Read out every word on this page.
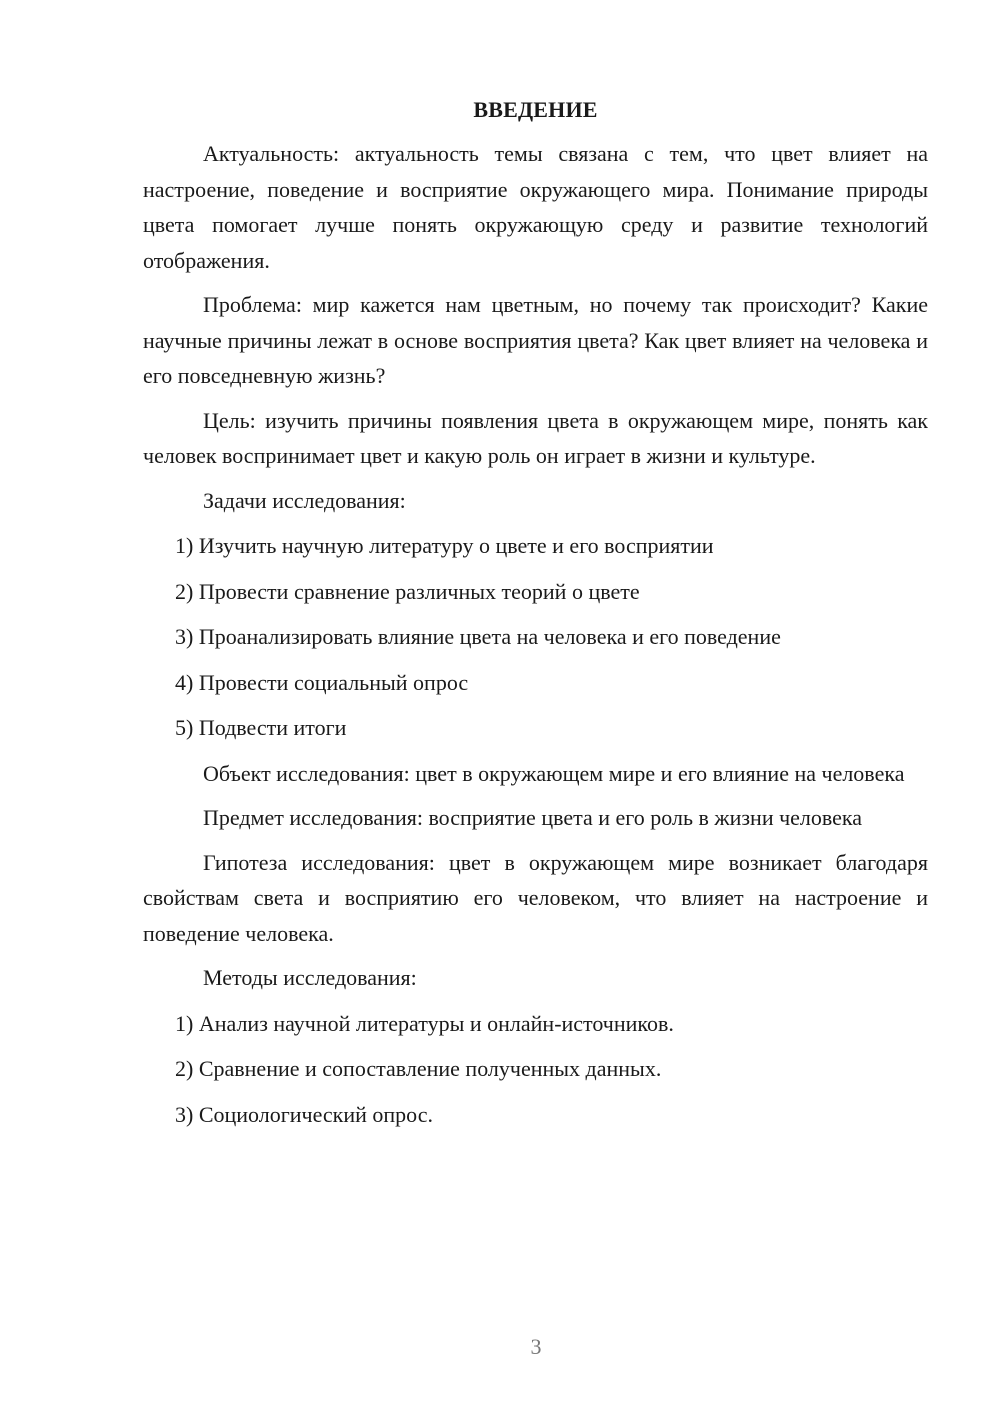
ВВЕДЕНИЕ

Актуальность: актуальность темы связана с тем, что цвет влияет на настроение, поведение и восприятие окружающего мира. Понимание природы цвета помогает лучше понять окружающую среду и развитие технологий отображения.

Проблема: мир кажется нам цветным, но почему так происходит? Какие научные причины лежат в основе восприятия цвета? Как цвет влияет на человека и его повседневную жизнь?

Цель: изучить причины появления цвета в окружающем мире, понять как человек воспринимает цвет и какую роль он играет в жизни и культуре.

Задачи исследования:
1) Изучить научную литературу о цвете и его восприятии
2) Провести сравнение различных теорий о цвете
3) Проанализировать влияние цвета на человека и его поведение
4) Провести социальный опрос
5) Подвести итоги

Объект исследования: цвет в окружающем мире и его влияние на человека

Предмет исследования: восприятие цвета и его роль в жизни человека

Гипотеза исследования: цвет в окружающем мире возникает благодаря свойствам света и восприятию его человеком, что влияет на настроение и поведение человека.

Методы исследования:
1) Анализ научной литературы и онлайн-источников.
2) Сравнение и сопоставление полученных данных.
3) Социологический опрос.
3
